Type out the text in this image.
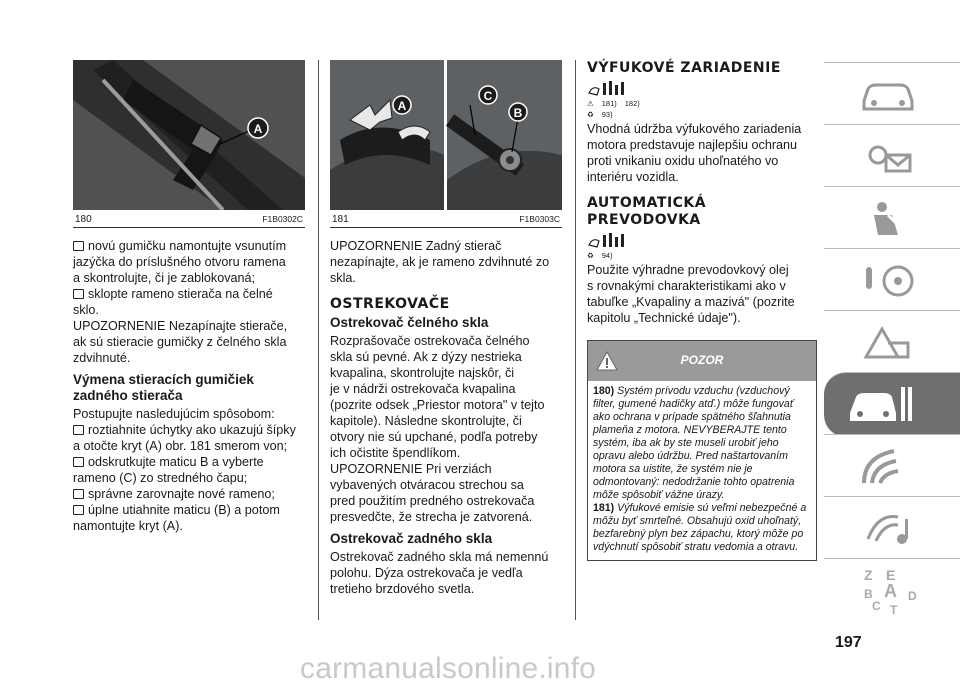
A
180	F1B0302C

novú gumičku namontujte vsunutím

jazýčka do príslušného otvoru ramena

a skontrolujte, či je zablokovaná;

sklopte rameno stierača na čelné

sklo.

UPOZORNENIE Nezapínajte stierače,

ak sú stieracie gumičky z čelného skla

zdvihnuté.

Výmena stieracích gumičiek
zadného stierača

Postupujte nasledujúcim spôsobom:

roztiahnite úchytky ako ukazujú šípky

a otočte kryt (A) obr. 181 smerom von;

odskrutkujte maticu B a vyberte

rameno (C) zo stredného čapu;

správne zarovnajte nové rameno;

úplne utiahnite maticu (B) a potom

namontujte kryt (A).

A
C
B
181	F1B0303C

UPOZORNENIE Zadný stierač

nezapínajte, ak je rameno zdvihnuté zo

skla.

OSTREKOVAČE
Ostrekovač čelného skla

Rozprašovače ostrekovača čelného

skla sú pevné. Ak z dýzy nestrieka

kvapalina, skontrolujte najskôr, či

je v nádrži ostrekovača kvapalina

(pozrite odsek „Priestor motora" v tejto

kapitole). Následne skontrolujte, či

otvory nie sú upchané, podľa potreby

ich očistite špendlíkom.

UPOZORNENIE Pri verziách

vybavených otváracou strechou sa

pred použitím predného ostrekovača

presvedčte, že strecha je zatvorená.

Ostrekovač zadného skla

Ostrekovač zadného skla má nemennú

polohu. Dýza ostrekovača je vedľa

tretieho brzdového svetla.

VÝFUKOVÉ ZARIADENIE
⚠ 181) 182)
♻ 93)

Vhodná údržba výfukového zariadenia

motora predstavuje najlepšiu ochranu

proti vnikaniu oxidu uhoľnatého vo

interiéru vozidla.

AUTOMATICKÁ
PREVODOVKA
♻ 94)

Použite výhradne prevodovkový olej

s rovnakými charakteristikami ako v

tabuľke „Kvapaliny a mazivá" (pozrite

kapitolu „Technické údaje").

POZOR
180) Systém prívodu vzduchu (vzduchový filter, gumené hadičky atď.) môže fungovať ako ochrana v prípade spätného šľahnutia plameňa z motora. NEVYBERAJTE tento systém, iba ak by ste museli urobiť jeho opravu alebo údržbu. Pred naštartovaním motora sa uistite, že systém nie je odmontovaný: nedodržanie tohto opatrenia môže spôsobiť vážne úrazy.
181) Výfukové emisie sú veľmi nebezpečné a môžu byť smrteľné. Obsahujú oxid uhoľnatý, bezfarebný plyn bez zápachu, ktorý môže po vdýchnutí spôsobiť stratu vedomia a otravu.
Z E
B A
C
D
T
197
carmanualsonline.info
